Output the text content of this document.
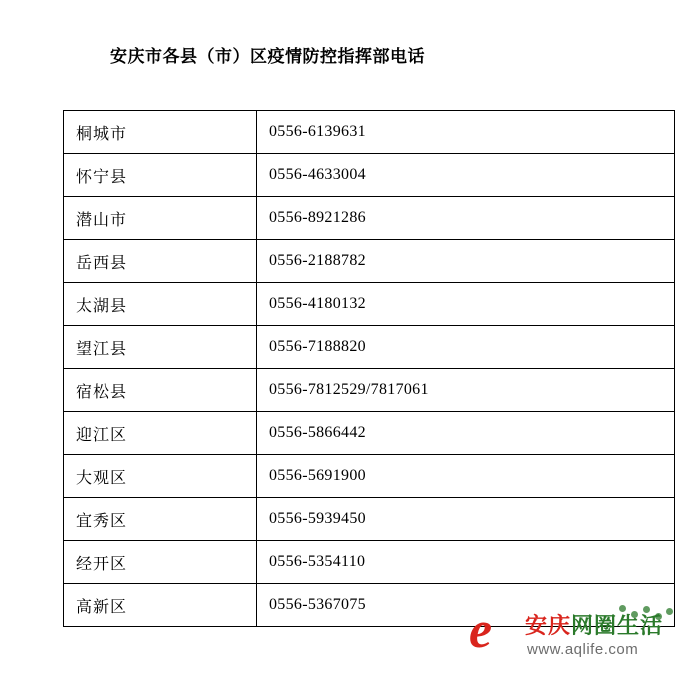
安庆市各县（市）区疫情防控指挥部电话
桐城市	0556-6139631
怀宁县	0556-4633004
潜山市	0556-8921286
岳西县	0556-2188782
太湖县	0556-4180132
望江县	0556-7188820
宿松县	0556-7812529/7817061
迎江区	0556-5866442
大观区	0556-5691900
宜秀区	0556-5939450
经开区	0556-5354110
高新区	0556-5367075 e 安庆网圈生活
www.aqlife.com
